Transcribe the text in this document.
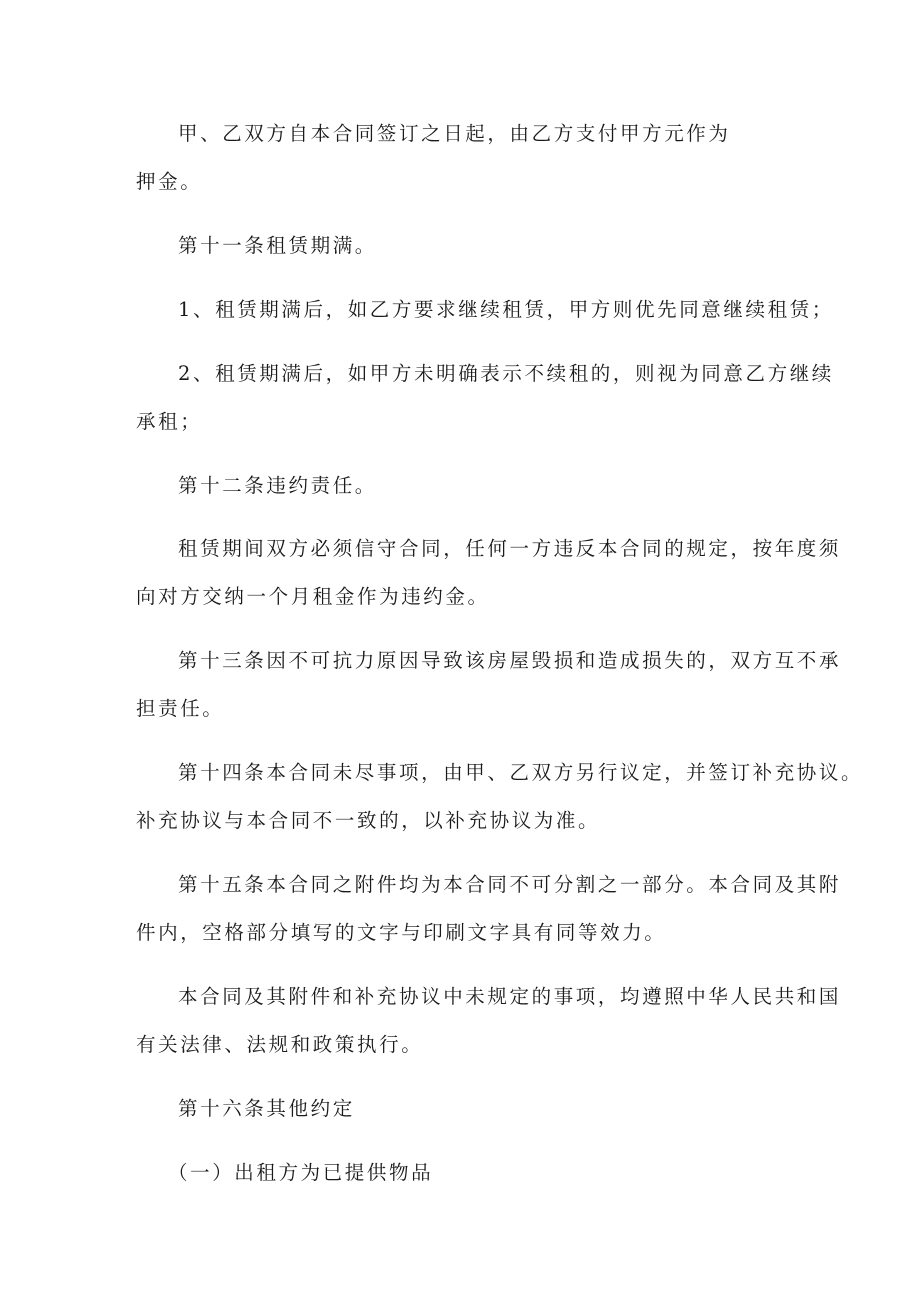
甲、乙双方自本合同签订之日起，由乙方支付甲方元作为
押金。
第十一条租赁期满。
1、租赁期满后，如乙方要求继续租赁，甲方则优先同意继续租赁；
2、租赁期满后，如甲方未明确表示不续租的，则视为同意乙方继续
承租；
第十二条违约责任。
租赁期间双方必须信守合同，任何一方违反本合同的规定，按年度须
向对方交纳一个月租金作为违约金。
第十三条因不可抗力原因导致该房屋毁损和造成损失的，双方互不承
担责任。
第十四条本合同未尽事项，由甲、乙双方另行议定，并签订补充协议。
补充协议与本合同不一致的，以补充协议为准。
第十五条本合同之附件均为本合同不可分割之一部分。本合同及其附
件内，空格部分填写的文字与印刷文字具有同等效力。
本合同及其附件和补充协议中未规定的事项，均遵照中华人民共和国
有关法律、法规和政策执行。
第十六条其他约定
（一）出租方为已提供物品
